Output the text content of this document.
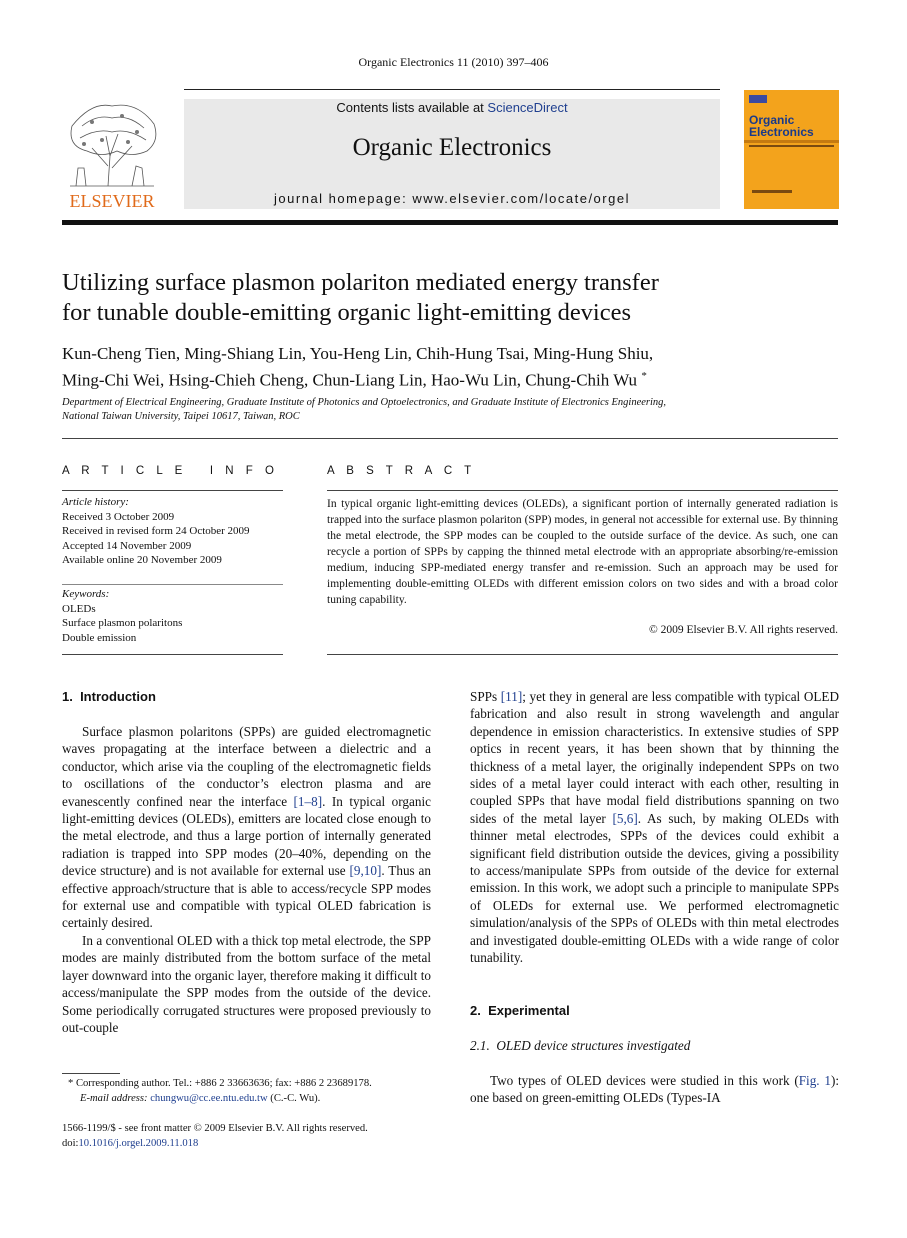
Organic Electronics 11 (2010) 397–406
ELSEVIER
Contents lists available at ScienceDirect
Organic Electronics
journal homepage: www.elsevier.com/locate/orgel
Organic
Electronics
Utilizing surface plasmon polariton mediated energy transfer
for tunable double-emitting organic light-emitting devices
Kun-Cheng Tien, Ming-Shiang Lin, You-Heng Lin, Chih-Hung Tsai, Ming-Hung Shiu,
Ming-Chi Wei, Hsing-Chieh Cheng, Chun-Liang Lin, Hao-Wu Lin, Chung-Chih Wu *
Department of Electrical Engineering, Graduate Institute of Photonics and Optoelectronics, and Graduate Institute of Electronics Engineering,
National Taiwan University, Taipei 10617, Taiwan, ROC
A R T I C L E   I N F O	A B S T R A C T
Article history:
Received 3 October 2009
Received in revised form 24 October 2009
Accepted 14 November 2009
Available online 20 November 2009
Keywords:
OLEDs
Surface plasmon polaritons
Double emission
In typical organic light-emitting devices (OLEDs), a significant portion of internally generated radiation is trapped into the surface plasmon polariton (SPP) modes, in general not accessible for external use. By thinning the metal electrode, the SPP modes can be coupled to the outside surface of the device. As such, one can recycle a portion of SPPs by capping the thinned metal electrode with an appropriate absorbing/re-emission medium, inducing SPP-mediated energy transfer and re-emission. Such an approach may be used for implementing double-emitting OLEDs with different emission colors on two sides and with a broad color tuning capability.
© 2009 Elsevier B.V. All rights reserved.
1.  Introduction

Surface plasmon polaritons (SPPs) are guided electromagnetic waves propagating at the interface between a dielectric and a conductor, which arise via the coupling of the electromagnetic fields to oscillations of the conductor’s electron plasma and are evanescently confined near the interface [1–8]. In typical organic light-emitting devices (OLEDs), emitters are located close enough to the metal electrode, and thus a large portion of internally generated radiation is trapped into SPP modes (20–40%, depending on the device structure) and is not available for external use [9,10]. Thus an effective approach/structure that is able to access/recycle SPP modes for external use and compatible with typical OLED fabrication is certainly desired.

In a conventional OLED with a thick top metal electrode, the SPP modes are mainly distributed from the bottom surface of the metal layer downward into the organic layer, therefore making it difficult to access/manipulate the SPP modes from the outside of the device. Some periodically corrugated structures were proposed previously to out-couple

SPPs [11]; yet they in general are less compatible with typical OLED fabrication and also result in strong wavelength and angular dependence in emission characteristics. In extensive studies of SPP optics in recent years, it has been shown that by thinning the thickness of a metal layer, the originally independent SPPs on two sides of a metal layer could interact with each other, resulting in coupled SPPs that have modal field distributions spanning on two sides of the metal layer [5,6]. As such, by making OLEDs with thinner metal electrodes, SPPs of the devices could exhibit a significant field distribution outside the devices, giving a possibility to access/manipulate SPPs from outside of the device for external emission. In this work, we adopt such a principle to manipulate SPPs of OLEDs for external use. We performed electromagnetic simulation/analysis of the SPPs of OLEDs with thin metal electrodes and investigated double-emitting OLEDs with a wide range of color tunability.
2.  Experimental
2.1.  OLED device structures investigated

Two types of OLED devices were studied in this work (Fig. 1): one based on green-emitting OLEDs (Types-IA

* Corresponding author. Tel.: +886 2 33663636; fax: +886 2 23689178.
E-mail address: chungwu@cc.ee.ntu.edu.tw (C.-C. Wu).
1566-1199/$ - see front matter © 2009 Elsevier B.V. All rights reserved.
doi:10.1016/j.orgel.2009.11.018
